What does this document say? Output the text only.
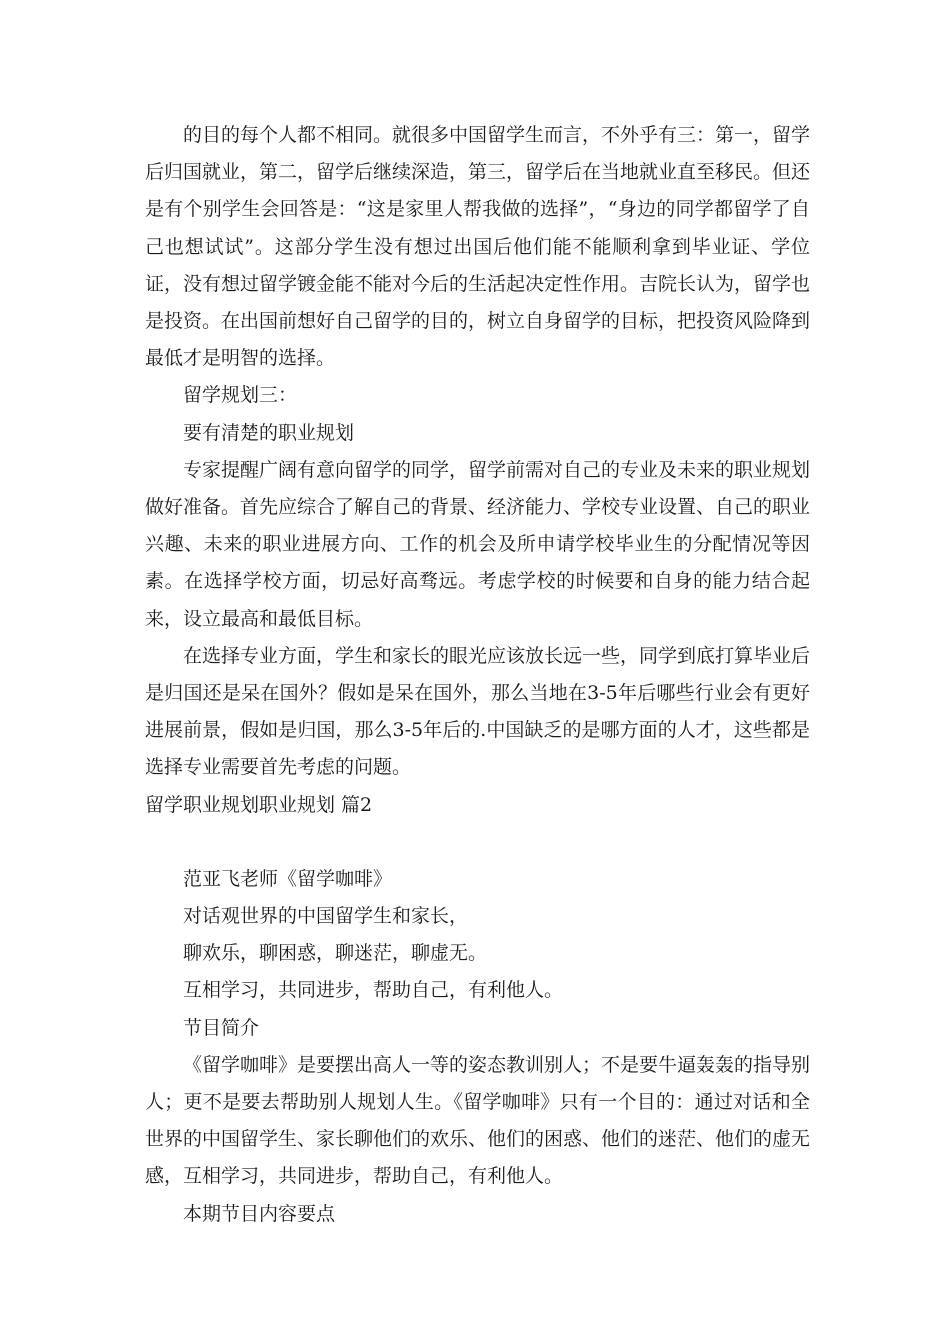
的目的每个人都不相同。就很多中国留学生而言，不外乎有三：第一，留学后归国就业，第二，留学后继续深造，第三，留学后在当地就业直至移民。但还是有个别学生会回答是：“这是家里人帮我做的选择”，“身边的同学都留学了自己也想试试”。这部分学生没有想过出国后他们能不能顺利拿到毕业证、学位证，没有想过留学镀金能不能对今后的生活起决定性作用。吉院长认为，留学也是投资。在出国前想好自己留学的目的，树立自身留学的目标，把投资风险降到最低才是明智的选择。

留学规划三：

要有清楚的职业规划

专家提醒广阔有意向留学的同学，留学前需对自己的专业及未来的职业规划做好准备。首先应综合了解自己的背景、经济能力、学校专业设置、自己的职业兴趣、未来的职业进展方向、工作的机会及所申请学校毕业生的分配情况等因素。在选择学校方面，切忌好高骛远。考虑学校的时候要和自身的能力结合起来，设立最高和最低目标。

在选择专业方面，学生和家长的眼光应该放长远一些，同学到底打算毕业后是归国还是呆在国外？假如是呆在国外，那么当地在3-5年后哪些行业会有更好进展前景，假如是归国，那么3-5年后的.中国缺乏的是哪方面的人才，这些都是选择专业需要首先考虑的问题。

留学职业规划职业规划 篇2

范亚飞老师《留学咖啡》

对话观世界的中国留学生和家长，

聊欢乐，聊困惑，聊迷茫，聊虚无。

互相学习，共同进步，帮助自己，有利他人。

节目简介

《留学咖啡》是要摆出高人一等的姿态教训别人；不是要牛逼轰轰的指导别人；更不是要去帮助别人规划人生。《留学咖啡》只有一个目的：通过对话和全世界的中国留学生、家长聊他们的欢乐、他们的困惑、他们的迷茫、他们的虚无感，互相学习，共同进步，帮助自己，有利他人。

本期节目内容要点
